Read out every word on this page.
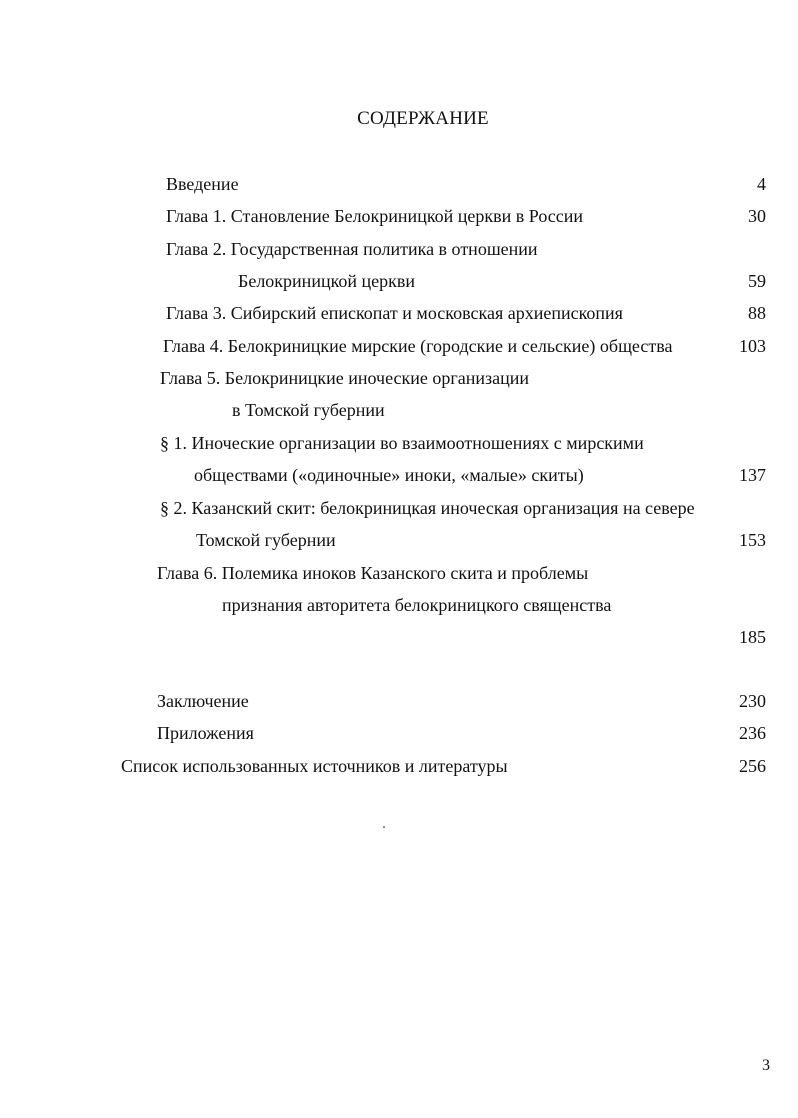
СОДЕРЖАНИЕ
Введение	4
Глава 1. Становление Белокриницкой церкви в России	30
Глава 2. Государственная политика в отношении
Белокриницкой церкви	59
Глава 3. Сибирский епископат и московская архиепископия	88
Глава 4. Белокриницкие мирские (городские и сельские) общества	103
Глава 5. Белокриницкие иноческие организации
в Томской губернии
§ 1. Иноческие организации во взаимоотношениях с мирскими
обществами («одиночные» иноки, «малые» скиты)	137
§ 2. Казанский скит: белокриницкая иноческая организация на севере
Томской губернии	153
Глава 6. Полемика иноков Казанского скита и проблемы
признания авторитета белокриницкого священства
185
Заключение	230
Приложения	236
Список использованных источников и литературы	256
3
